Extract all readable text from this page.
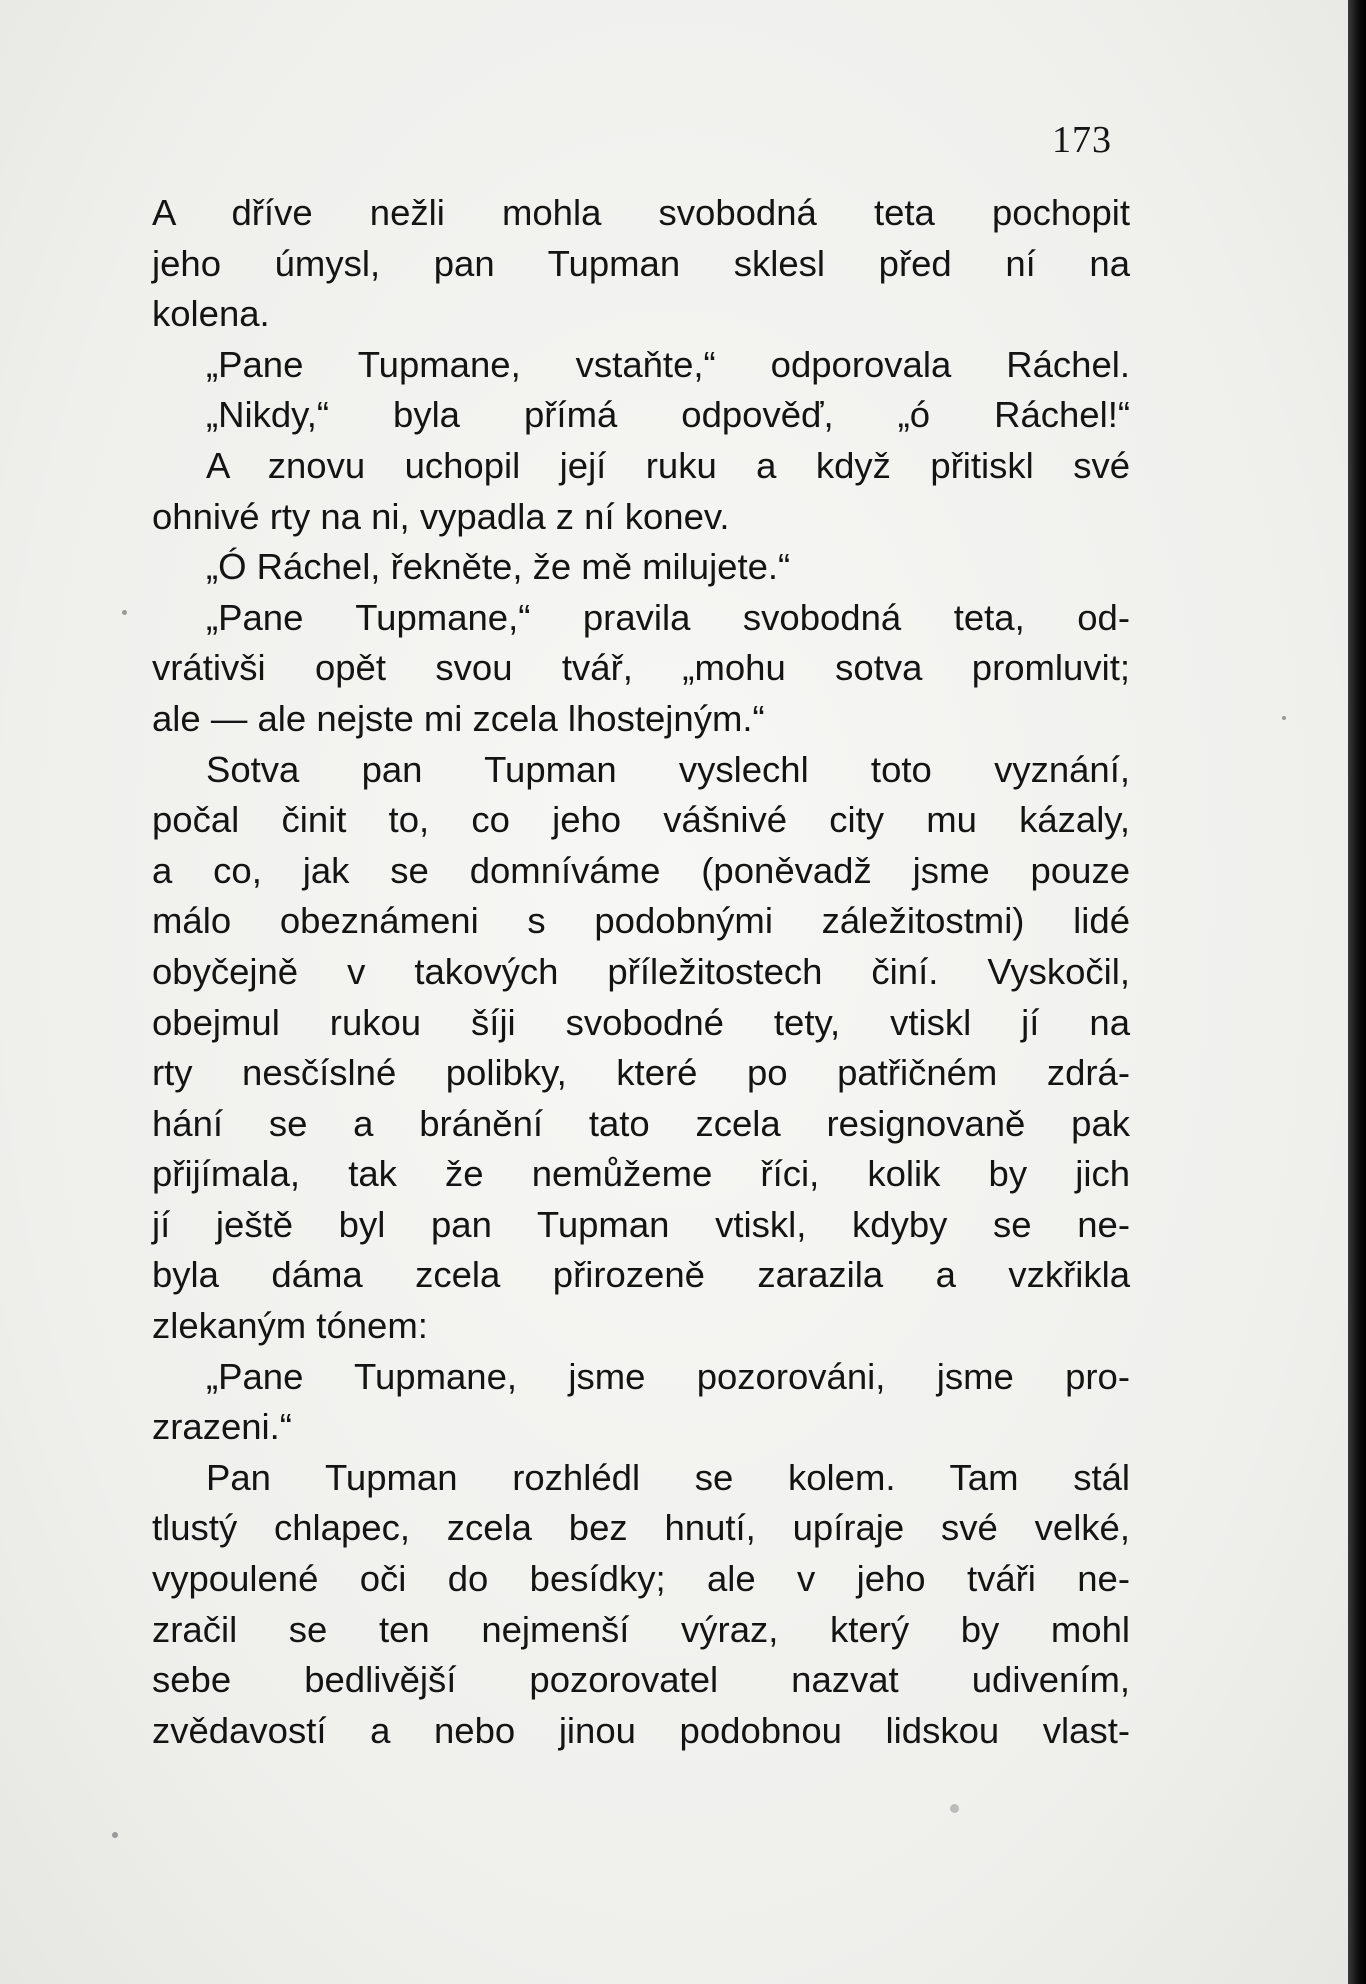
173
A dříve nežli mohla svobodná teta pochopit
jeho úmysl, pan Tupman sklesl před ní na
kolena.
„Pane Tupmane, vstaňte,“ odporovala Ráchel.
„Nikdy,“ byla přímá odpověď, „ó Ráchel!“
A znovu uchopil její ruku a když přitiskl své
ohnivé rty na ni, vypadla z ní konev.
„Ó Ráchel, řekněte, že mě milujete.“
„Pane Tupmane,“ pravila svobodná teta, od-
vrátivši opět svou tvář, „mohu sotva promluvit;
ale — ale nejste mi zcela lhostejným.“
Sotva pan Tupman vyslechl toto vyznání,
počal činit to, co jeho vášnivé city mu kázaly,
a co, jak se domníváme (poněvadž jsme pouze
málo obeznámeni s podobnými záležitostmi) lidé
obyčejně v takových příležitostech činí. Vyskočil,
obejmul rukou šíji svobodné tety, vtiskl jí na
rty nesčíslné polibky, které po patřičném zdrá-
hání se a bránění tato zcela resignovaně pak
přijímala, tak že nemůžeme říci, kolik by jich
jí ještě byl pan Tupman vtiskl, kdyby se ne-
byla dáma zcela přirozeně zarazila a vzkřikla
zlekaným tónem:
„Pane Tupmane, jsme pozorováni, jsme pro-
zrazeni.“
Pan Tupman rozhlédl se kolem. Tam stál
tlustý chlapec, zcela bez hnutí, upíraje své velké,
vypoulené oči do besídky; ale v jeho tváři ne-
zračil se ten nejmenší výraz, který by mohl
sebe bedlivější pozorovatel nazvat udivením,
zvědavostí a nebo jinou podobnou lidskou vlast-
